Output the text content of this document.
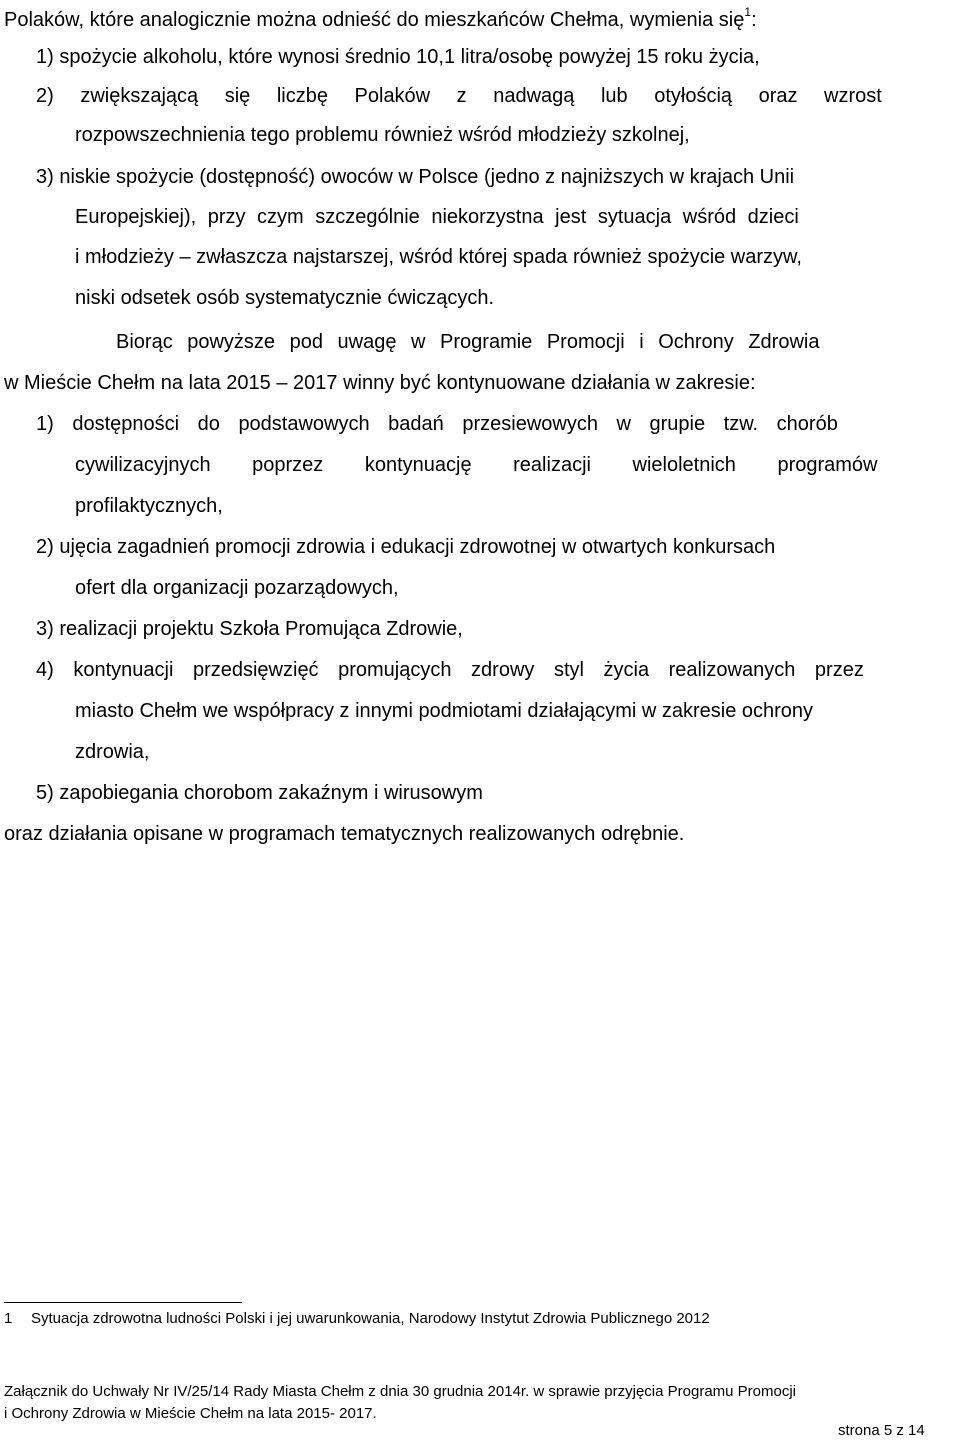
Polaków, które analogicznie można odnieść do mieszkańców Chełma, wymienia się$^1$:
1) spożycie alkoholu, które wynosi średnio 10,1 litra/osobę powyżej 15 roku życia,
2) zwiększającą się liczbę Polaków z nadwagą lub otyłością oraz wzrost
rozpowszechnienia tego problemu również wśród młodzieży szkolnej,
3) niskie spożycie (dostępność) owoców w Polsce (jedno z najniższych w krajach Unii
Europejskiej), przy czym szczególnie niekorzystna jest sytuacja wśród dzieci
i młodzieży – zwłaszcza najstarszej, wśród której spada również spożycie warzyw,
niski odsetek osób systematycznie ćwiczących.
Biorąc powyższe pod uwagę w Programie Promocji i Ochrony Zdrowia
w Mieście Chełm na lata 2015 – 2017 winny być kontynuowane działania w zakresie:
1) dostępności do podstawowych badań przesiewowych w grupie tzw. chorób
cywilizacyjnych poprzez kontynuację realizacji wieloletnich programów
profilaktycznych,
2) ujęcia zagadnień promocji zdrowia i edukacji zdrowotnej w otwartych konkursach
ofert dla organizacji pozarządowych,
3) realizacji projektu Szkoła Promująca Zdrowie,
4) kontynuacji przedsięwzięć promujących zdrowy styl życia realizowanych przez
miasto Chełm we współpracy z innymi podmiotami działającymi w zakresie ochrony
zdrowia,
5) zapobiegania chorobom zakaźnym i wirusowym
oraz działania opisane w programach tematycznych realizowanych odrębnie.
1 Sytuacja zdrowotna ludności Polski i jej uwarunkowania, Narodowy Instytut Zdrowia Publicznego 2012
Załącznik do Uchwały Nr IV/25/14 Rady Miasta Chełm z dnia 30 grudnia 2014r. w sprawie przyjęcia Programu Promocji
i Ochrony Zdrowia w Mieście Chełm na lata 2015- 2017.
strona 5 z 14
